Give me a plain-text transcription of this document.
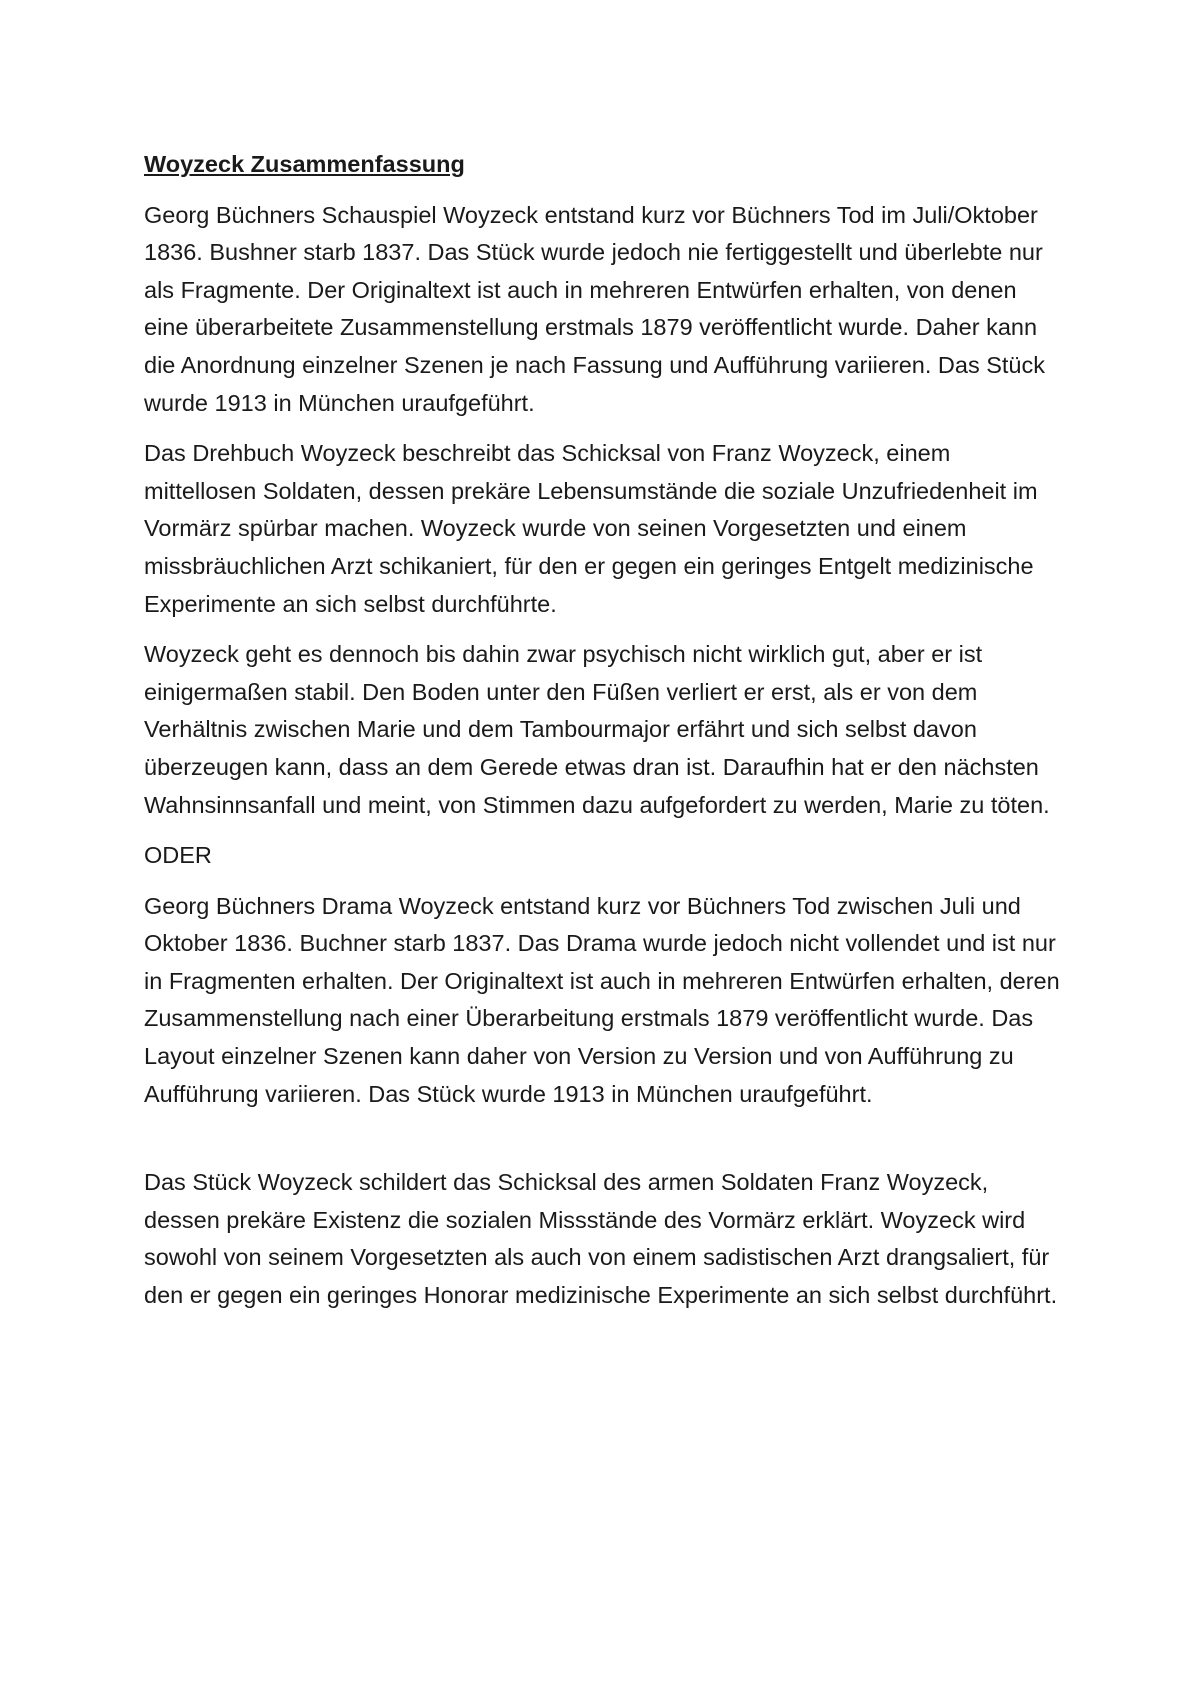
Woyzeck Zusammenfassung

Georg Büchners Schauspiel Woyzeck entstand kurz vor Büchners Tod im Juli/Oktober 1836. Bushner starb 1837. Das Stück wurde jedoch nie fertiggestellt und überlebte nur als Fragmente. Der Originaltext ist auch in mehreren Entwürfen erhalten, von denen eine überarbeitete Zusammenstellung erstmals 1879 veröffentlicht wurde. Daher kann die Anordnung einzelner Szenen je nach Fassung und Aufführung variieren. Das Stück wurde 1913 in München uraufgeführt.

Das Drehbuch Woyzeck beschreibt das Schicksal von Franz Woyzeck, einem mittellosen Soldaten, dessen prekäre Lebensumstände die soziale Unzufriedenheit im Vormärz spürbar machen. Woyzeck wurde von seinen Vorgesetzten und einem missbräuchlichen Arzt schikaniert, für den er gegen ein geringes Entgelt medizinische Experimente an sich selbst durchführte.

Woyzeck geht es dennoch bis dahin zwar psychisch nicht wirklich gut, aber er ist einigermaßen stabil. Den Boden unter den Füßen verliert er erst, als er von dem Verhältnis zwischen Marie und dem Tambourmajor erfährt und sich selbst davon überzeugen kann, dass an dem Gerede etwas dran ist. Daraufhin hat er den nächsten Wahnsinnsanfall und meint, von Stimmen dazu aufgefordert zu werden, Marie zu töten.

ODER

Georg Büchners Drama Woyzeck entstand kurz vor Büchners Tod zwischen Juli und Oktober 1836. Buchner starb 1837. Das Drama wurde jedoch nicht vollendet und ist nur in Fragmenten erhalten. Der Originaltext ist auch in mehreren Entwürfen erhalten, deren Zusammenstellung nach einer Überarbeitung erstmals 1879 veröffentlicht wurde. Das Layout einzelner Szenen kann daher von Version zu Version und von Aufführung zu Aufführung variieren. Das Stück wurde 1913 in München uraufgeführt.

Das Stück Woyzeck schildert das Schicksal des armen Soldaten Franz Woyzeck, dessen prekäre Existenz die sozialen Missstände des Vormärz erklärt. Woyzeck wird sowohl von seinem Vorgesetzten als auch von einem sadistischen Arzt drangsaliert, für den er gegen ein geringes Honorar medizinische Experimente an sich selbst durchführt.
